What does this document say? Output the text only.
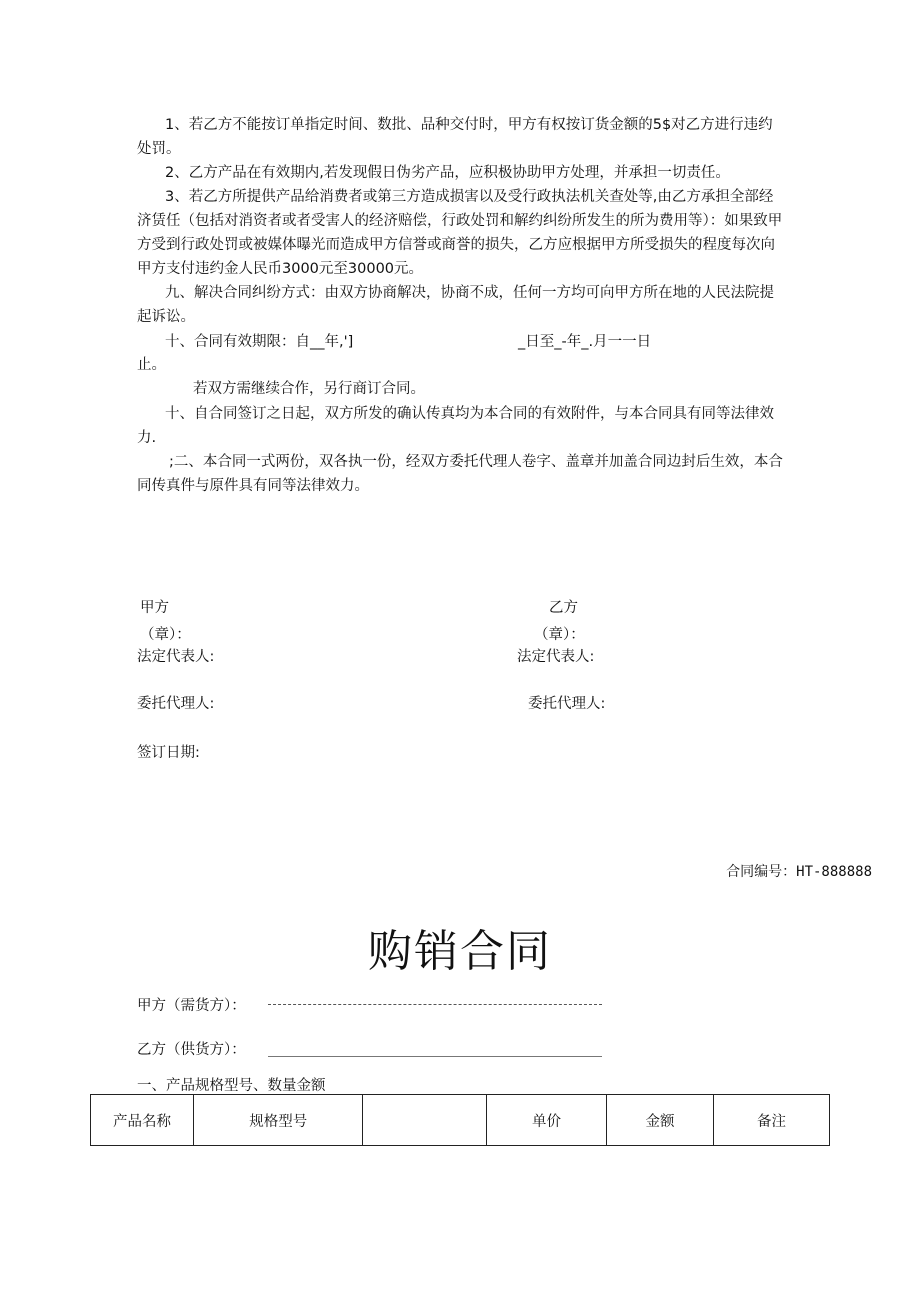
1、若乙方不能按订单指定时间、数批、品种交付时，甲方有权按订货金额的5$对乙方进行违约处罚。

2、乙方产品在有效期内,若发现假日伪劣产品，应积极协助甲方处理，并承担一切责任。

3、若乙方所提供产品给消费者或第三方造成损害以及受行政执法机关查处等,由乙方承担全部经济赁任（包括对消资者或者受害人的经济赔偿，行政处罚和解约纠纷所发生的所为费用等）：如果致甲方受到行政处罚或被媒体曝光而造成甲方信誉或商誉的损失，乙方应根据甲方所受损失的程度每次向甲方支付违约金人民币3000元至30000元。

九、解决合同纠纷方式：由双方协商解决，协商不成，任何一方均可向甲方所在地的人民法院提起诉讼。

十、合同有效期限：自__年,']	_日至_-年_.月一一日
止。
若双方需继续合作，另行商订合同。

十、自合同签订之日起，双方所发的确认传真均为本合同的有效附件，与本合同具有同等法律效力.

;二、本合同一式两份，双各执一份，经双方委托代理人卷字、盖章并加盖合同边封后生效，本合同传真件与原件具有同等法律效力。

甲方	乙方
（章）：	（章）：
法定代表人:	法定代表人:
委托代理人:	委托代理人:
签订日期:
合同编号：HT-888888
购销合同
甲方（需货方）：
乙方（供货方）：
一、产品规格型号、数量金额
产品名称	规格型号		单价	金额	备注
